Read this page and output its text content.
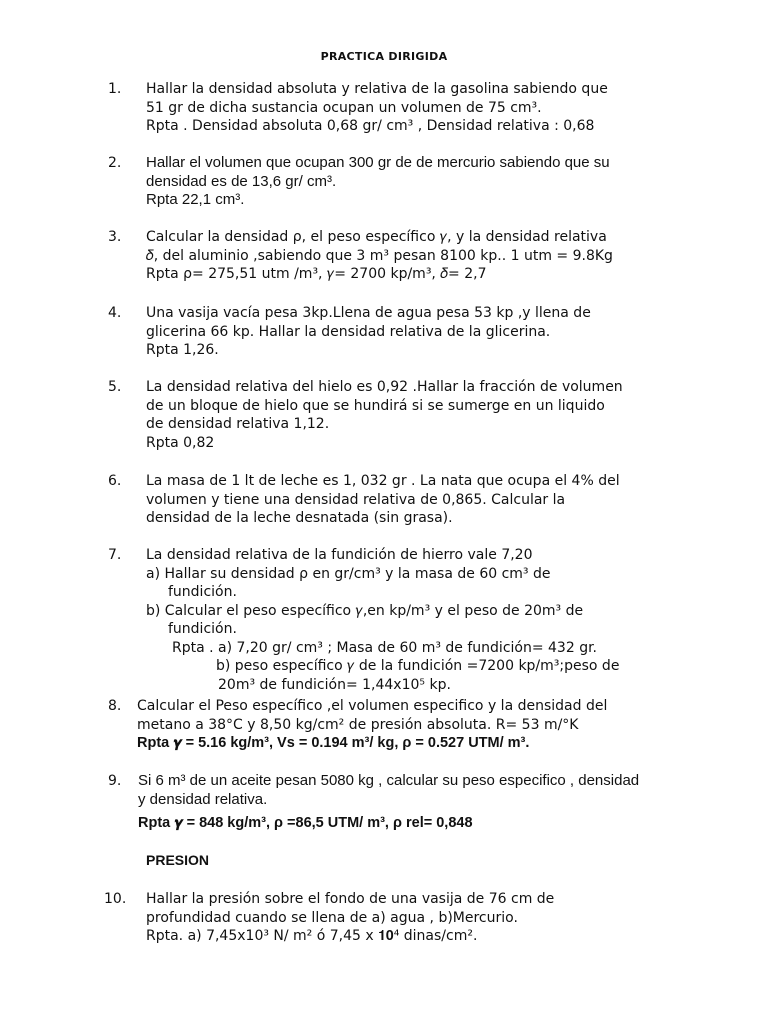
PRACTICA DIRIGIDA
1. Hallar la densidad absoluta y relativa de la gasolina sabiendo que
51 gr de dicha sustancia ocupan un volumen de 75 cm³.
Rpta . Densidad absoluta 0,68 gr/ cm³ , Densidad relativa : 0,68
2. Hallar el volumen que ocupan 300 gr de de mercurio sabiendo que su
densidad es de 13,6 gr/ cm³.
Rpta 22,1 cm³.
3. Calcular la densidad ρ, el peso específico 𝛾, y la densidad relativa
𝛿, del aluminio ,sabiendo que 3 m³ pesan 8100 kp.. 1 utm = 9.8Kg
Rpta ρ= 275,51 utm /m³, 𝛾= 2700 kp/m³, 𝛿= 2,7
4. Una vasija vacía pesa 3kp.Llena de agua pesa 53 kp ,y llena de
glicerina 66 kp. Hallar la densidad relativa de la glicerina.
Rpta 1,26.
5. La densidad relativa del hielo es 0,92 .Hallar la fracción de volumen
de un bloque de hielo que se hundirá si se sumerge en un liquido
de densidad relativa 1,12.
Rpta 0,82
6. La masa de 1 lt de leche es 1, 032 gr . La nata que ocupa el 4% del
volumen y tiene una densidad relativa de 0,865. Calcular la
densidad de la leche desnatada (sin grasa).
7. La densidad relativa de la fundición de hierro vale 7,20
a) Hallar su densidad ρ en gr/cm³ y la masa de 60 cm³ de
fundición.
b) Calcular el peso específico 𝛾,en kp/m³ y el peso de 20m³ de
fundición.
Rpta . a) 7,20 gr/ cm³ ; Masa de 60 m³ de fundición= 432 gr.
b) peso específico 𝛾 de la fundición =7200 kp/m³;peso de
20m³ de fundición= 1,44x10⁵ kp.
8. Calcular el Peso específico ,el volumen especifico y la densidad del
metano a 38°C y 8,50 kg/cm² de presión absoluta. R= 53 m/°K
Rpta 𝜸 = 5.16 kg/m³, Vs = 0.194 m³/ kg, ρ = 0.527 UTM/ m³.
9. Si 6 m³ de un aceite pesan 5080 kg , calcular su peso especifico , densidad
y densidad relativa.
Rpta 𝜸 = 848 kg/m³, ρ =86,5 UTM/ m³, ρ rel= 0,848
PRESION
10. Hallar la presión sobre el fondo de una vasija de 76 cm de
profundidad cuando se llena de a) agua , b)Mercurio.
Rpta. a) 7,45x10³ N/ m² ó 7,45 x 𝟏𝟎⁴ dinas/cm².
